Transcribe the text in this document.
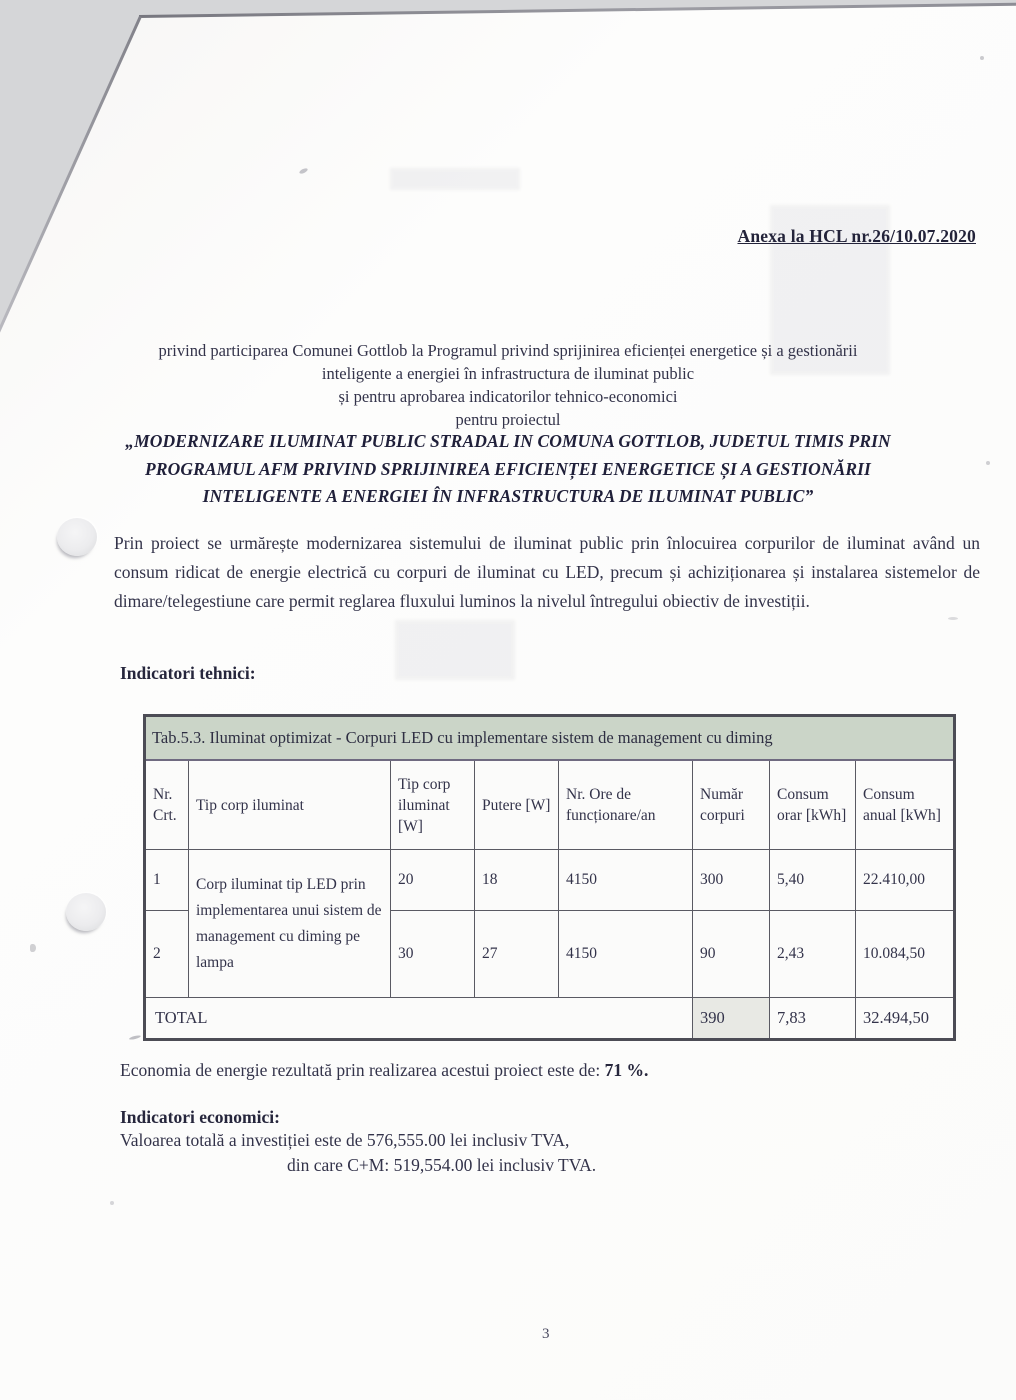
Anexa la HCL nr.26/10.07.2020
privind participarea Comunei Gottlob la Programul privind sprijinirea eficienței energetice și a gestionării
inteligente a energiei în infrastructura de iluminat public
și pentru aprobarea indicatorilor tehnico-economici
pentru proiectul
„MODERNIZARE ILUMINAT PUBLIC STRADAL IN COMUNA GOTTLOB, JUDETUL TIMIS PRIN
PROGRAMUL AFM PRIVIND SPRIJINIREA EFICIENȚEI ENERGETICE ȘI A GESTIONĂRII
INTELIGENTE A ENERGIEI ÎN INFRASTRUCTURA DE ILUMINAT PUBLIC”
Prin proiect se urmărește modernizarea sistemului de iluminat public prin înlocuirea corpurilor de iluminat având un consum ridicat de energie electrică cu corpuri de iluminat cu LED, precum și achiziționarea și instalarea sistemelor de dimare/telegestiune care permit reglarea fluxului luminos la nivelul întregului obiectiv de investiții.
Indicatori tehnici:
Tab.5.3. Iluminat optimizat - Corpuri LED cu implementare sistem de management cu diming							
Nr. Crt.	Tip corp iluminat	Tip corp iluminat [W]	Putere [W]	Nr. Ore de funcționare/an	Număr corpuri	Consum orar [kWh]	Consum anual [kWh]
1	Corp iluminat tip LED prin implementarea unui sistem de management cu diming pe lampa	20	18	4150	300	5,40	22.410,00
2		30	27	4150	90	2,43	10.084,50
TOTAL					390	7,83	32.494,50
Economia de energie rezultată prin realizarea acestui proiect este de: 71 %.
Indicatori economici:
Valoarea totală a investiției este de 576,555.00 lei inclusiv TVA,
din care C+M: 519,554.00 lei inclusiv TVA.
3
